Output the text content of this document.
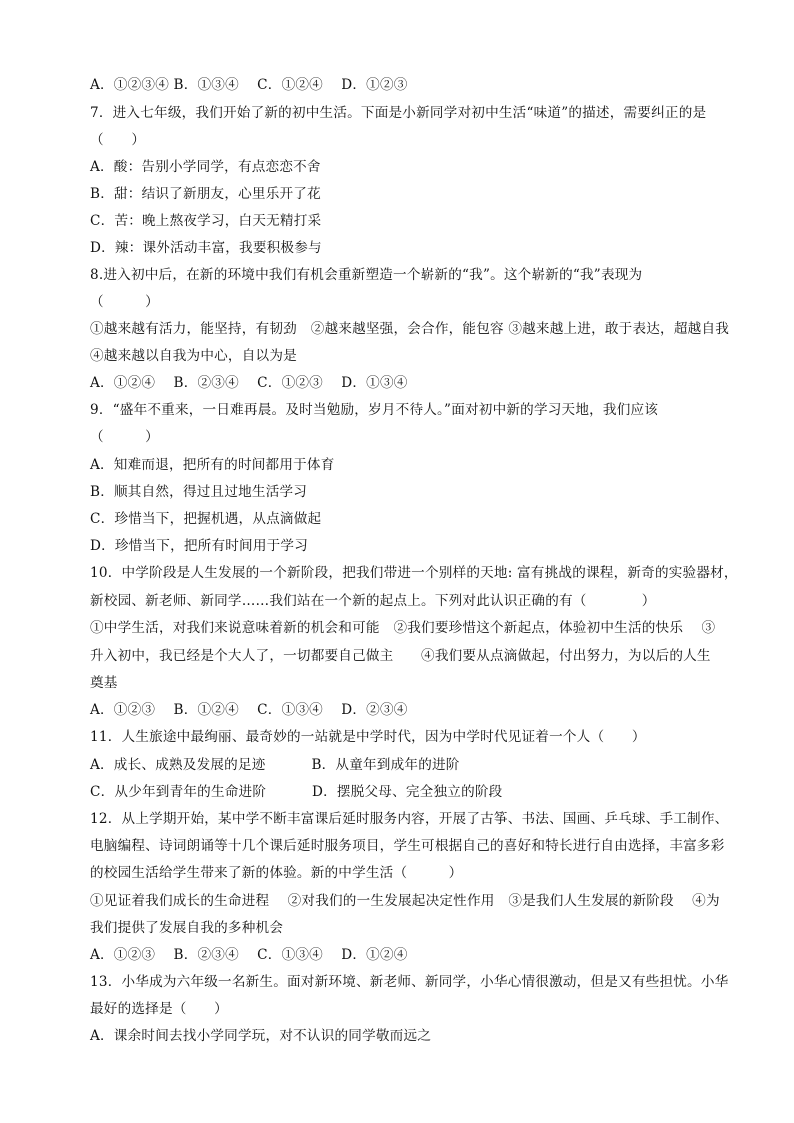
A．①②③④ B．①③④　 C．①②④　 D．①②③
7．进入七年级，我们开始了新的初中生活。下面是小新同学对初中生活“味道”的描述，需要纠正的是
（　　）
A．酸：告别小学同学，有点恋恋不舍
B．甜：结识了新朋友，心里乐开了花
C．苦：晚上熬夜学习，白天无精打采
D．辣：课外活动丰富，我要积极参与
8.进入初中后，在新的环境中我们有机会重新塑造一个崭新的“我”。这个崭新的“我”表现为
（　　　）
①越来越有活力，能坚持，有韧劲　②越来越坚强，会合作，能包容 ③越来越上进，敢于表达，超越自我
④越来越以自我为中心，自以为是
A．①②④　 B．②③④　 C．①②③　 D．①③④
9．“盛年不重来，一日难再晨。及时当勉励，岁月不待人。”面对初中新的学习天地，我们应该
（　　　）
A．知难而退，把所有的时间都用于体育
B．顺其自然，得过且过地生活学习
C．珍惜当下，把握机遇，从点滴做起
D．珍惜当下，把所有时间用于学习
10．中学阶段是人生发展的一个新阶段，把我们带进一个别样的天地: 富有挑战的课程，新奇的实验器材，
新校园、新老师、新同学……我们站在一个新的起点上。下列对此认识正确的有（　　　　）
①中学生活，对我们来说意味着新的机会和可能　②我们要珍惜这个新起点，体验初中生活的快乐　 ③
升入初中，我已经是个大人了，一切都要自己做主　　④我们要从点滴做起，付出努力，为以后的人生
奠基
A．①②③　 B．①②④　 C．①③④　 D．②③④
11．人生旅途中最绚丽、最奇妙的一站就是中学时代，因为中学时代见证着一个人（　　）
A．成长、成熟及发展的足迹　　　 B．从童年到成年的进阶
C．从少年到青年的生命进阶　　　 D．摆脱父母、完全独立的阶段
12．从上学期开始，某中学不断丰富课后延时服务内容，开展了古筝、书法、国画、乒乓球、手工制作、
电脑编程、诗词朗诵等十几个课后延时服务项目，学生可根据自己的喜好和特长进行自由选择，丰富多彩
的校园生活给学生带来了新的体验。新的中学生活（　　　）
①见证着我们成长的生命进程　 ②对我们的一生发展起决定性作用　③是我们人生发展的新阶段　 ④为
我们提供了发展自我的多种机会
A．①②③　 B．②③④　 C．①③④　 D．①②④
13．小华成为六年级一名新生。面对新环境、新老师、新同学，小华心情很激动，但是又有些担忧。小华
最好的选择是（　　）
A．课余时间去找小学同学玩，对不认识的同学敬而远之
